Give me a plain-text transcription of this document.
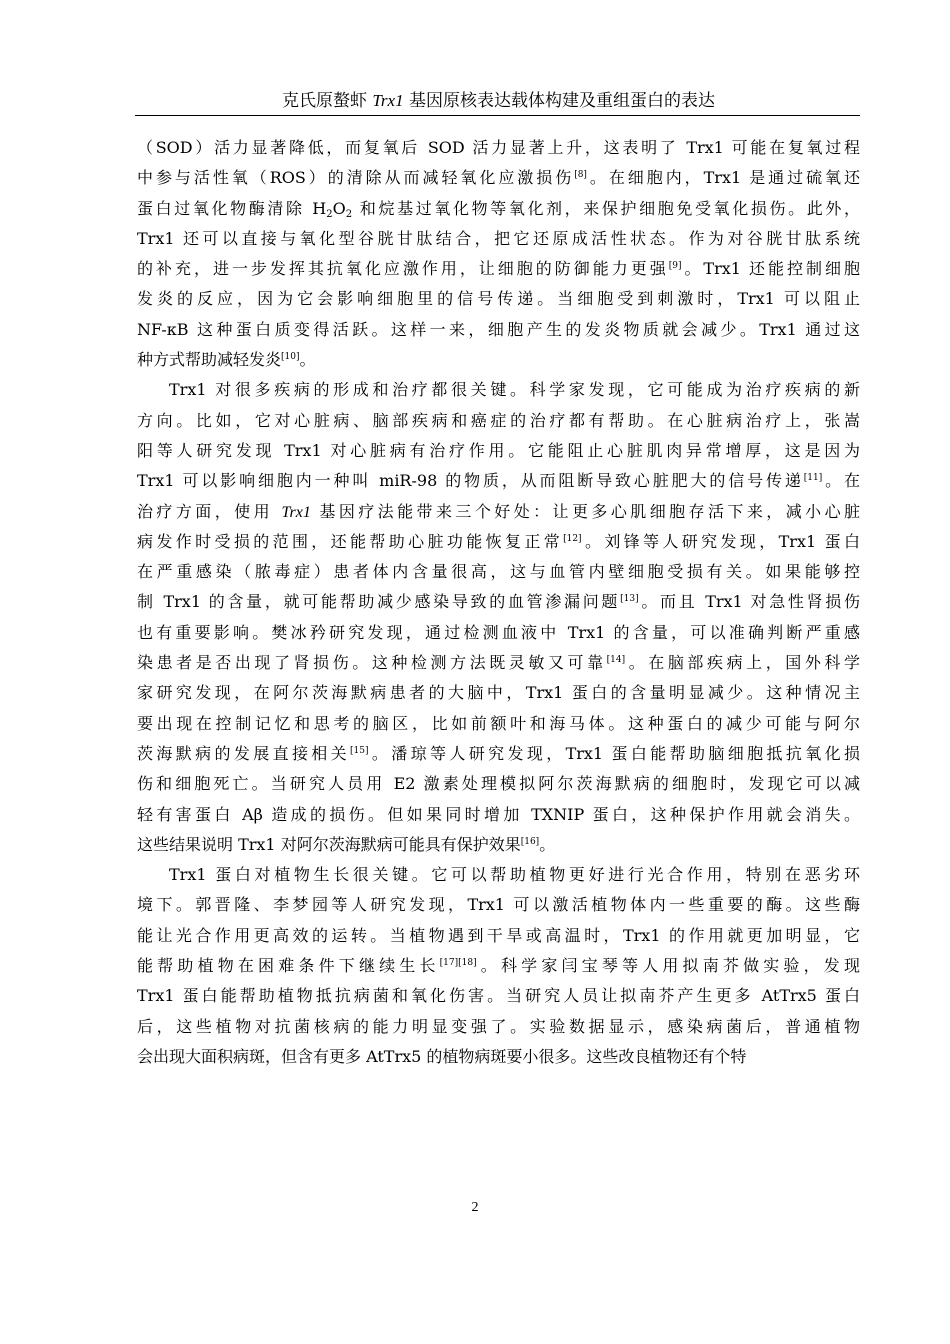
克氏原螯虾 Trx1 基因原核表达载体构建及重组蛋白的表达
（SOD）活力显著降低，而复氧后 SOD 活力显著上升，这表明了 Trx1 可能在复氧过程
中参与活性氧（ROS）的清除从而减轻氧化应激损伤[8]。在细胞内，Trx1 是通过硫氧还
蛋白过氧化物酶清除 $H_2O_2$ 和烷基过氧化物等氧化剂，来保护细胞免受氧化损伤。此外，
Trx1 还可以直接与氧化型谷胱甘肽结合，把它还原成活性状态。作为对谷胱甘肽系统
的补充，进一步发挥其抗氧化应激作用，让细胞的防御能力更强[9]。Trx1 还能控制细胞
发炎的反应，因为它会影响细胞里的信号传递。当细胞受到刺激时，Trx1 可以阻止
NF-κB 这种蛋白质变得活跃。这样一来，细胞产生的发炎物质就会减少。Trx1 通过这
种方式帮助减轻发炎[10]。
Trx1 对很多疾病的形成和治疗都很关键。科学家发现，它可能成为治疗疾病的新
方向。比如，它对心脏病、脑部疾病和癌症的治疗都有帮助。在心脏病治疗上，张嵩
阳等人研究发现 Trx1 对心脏病有治疗作用。它能阻止心脏肌肉异常增厚，这是因为
Trx1 可以影响细胞内一种叫 miR-98 的物质，从而阻断导致心脏肥大的信号传递[11]。在
治疗方面，使用 Trx1 基因疗法能带来三个好处：让更多心肌细胞存活下来，减小心脏
病发作时受损的范围，还能帮助心脏功能恢复正常[12]。刘锋等人研究发现，Trx1 蛋白
在严重感染（脓毒症）患者体内含量很高，这与血管内壁细胞受损有关。如果能够控
制 Trx1 的含量，就可能帮助减少感染导致的血管渗漏问题[13]。而且 Trx1 对急性肾损伤
也有重要影响。樊冰矜研究发现，通过检测血液中 Trx1 的含量，可以准确判断严重感
染患者是否出现了肾损伤。这种检测方法既灵敏又可靠[14]。在脑部疾病上，国外科学
家研究发现，在阿尔茨海默病患者的大脑中，Trx1 蛋白的含量明显减少。这种情况主
要出现在控制记忆和思考的脑区，比如前额叶和海马体。这种蛋白的减少可能与阿尔
茨海默病的发展直接相关[15]。潘琼等人研究发现，Trx1 蛋白能帮助脑细胞抵抗氧化损
伤和细胞死亡。当研究人员用 E2 激素处理模拟阿尔茨海默病的细胞时，发现它可以减
轻有害蛋白 Aβ 造成的损伤。但如果同时增加 TXNIP 蛋白，这种保护作用就会消失。
这些结果说明 Trx1 对阿尔茨海默病可能具有保护效果[16]。
Trx1 蛋白对植物生长很关键。它可以帮助植物更好进行光合作用，特别在恶劣环
境下。郭晋隆、李梦园等人研究发现，Trx1 可以激活植物体内一些重要的酶。这些酶
能让光合作用更高效的运转。当植物遇到干旱或高温时，Trx1 的作用就更加明显，它
能帮助植物在困难条件下继续生长[17][18]。科学家闫宝琴等人用拟南芥做实验，发现
Trx1 蛋白能帮助植物抵抗病菌和氧化伤害。当研究人员让拟南芥产生更多 AtTrx5 蛋白
后，这些植物对抗菌核病的能力明显变强了。实验数据显示，感染病菌后，普通植物
会出现大面积病斑，但含有更多 AtTrx5 的植物病斑要小很多。这些改良植物还有个特
2
